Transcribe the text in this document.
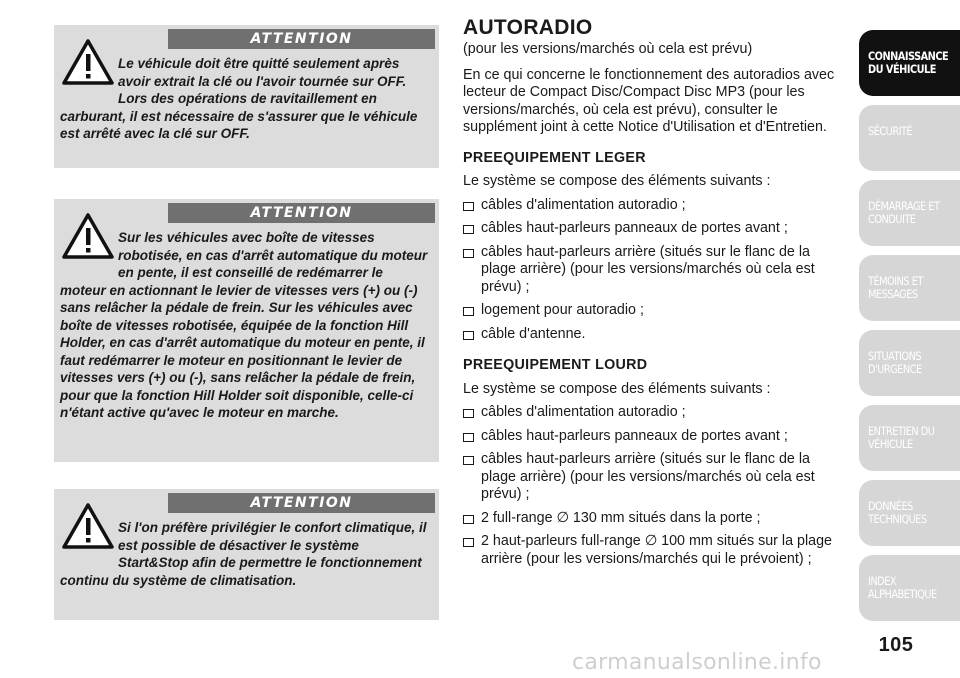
ATTENTION
Le véhicule doit être quitté seulement après avoir extrait la clé ou l'avoir tournée sur OFF. Lors des opérations de ravitaillement en carburant, il est nécessaire de s'assurer que le véhicule est arrêté avec la clé sur OFF.
ATTENTION
Sur les véhicules avec boîte de vitesses robotisée, en cas d'arrêt automatique du moteur en pente, il est conseillé de redémarrer le moteur en actionnant le levier de vitesses vers (+) ou (-) sans relâcher la pédale de frein. Sur les véhicules avec boîte de vitesses robotisée, équipée de la fonction Hill Holder, en cas d'arrêt automatique du moteur en pente, il faut redémarrer le moteur en positionnant le levier de vitesses vers (+) ou (-), sans relâcher la pédale de frein, pour que la fonction Hill Holder soit disponible, celle-ci n'étant active qu'avec le moteur en marche.
ATTENTION
Si l'on préfère privilégier le confort climatique, il est possible de désactiver le système Start&Stop afin de permettre le fonctionnement continu du système de climatisation.
AUTORADIO
(pour les versions/marchés où cela est prévu)
En ce qui concerne le fonctionnement des autoradios avec lecteur de Compact Disc/Compact Disc MP3 (pour les versions/marchés, où cela est prévu), consulter le supplément joint à cette Notice d'Utilisation et d'Entretien.
PREEQUIPEMENT LEGER
Le système se compose des éléments suivants :
câbles d'alimentation autoradio ;
câbles haut-parleurs panneaux de portes avant ;
câbles haut-parleurs arrière (situés sur le flanc de la plage arrière) (pour les versions/marchés où cela est prévu) ;
logement pour autoradio ;
câble d'antenne.
PREEQUIPEMENT LOURD
Le système se compose des éléments suivants :
câbles d'alimentation autoradio ;
câbles haut-parleurs panneaux de portes avant ;
câbles haut-parleurs arrière (situés sur le flanc de la plage arrière) (pour les versions/marchés où cela est prévu) ;
2 full-range ∅ 130 mm situés dans la porte ;
2 haut-parleurs full-range ∅ 100 mm situés sur la plage arrière (pour les versions/marchés qui le prévoient) ;
CONNAISSANCE DU VÉHICULE
SÉCURITÉ
DÉMARRAGE ET CONDUITE
TÉMOINS ET MESSAGES
SITUATIONS D'URGENCE
ENTRETIEN DU VÉHICULE
DONNÉES TECHNIQUES
INDEX ALPHABETIQUE
105
carmanualsonline.info
